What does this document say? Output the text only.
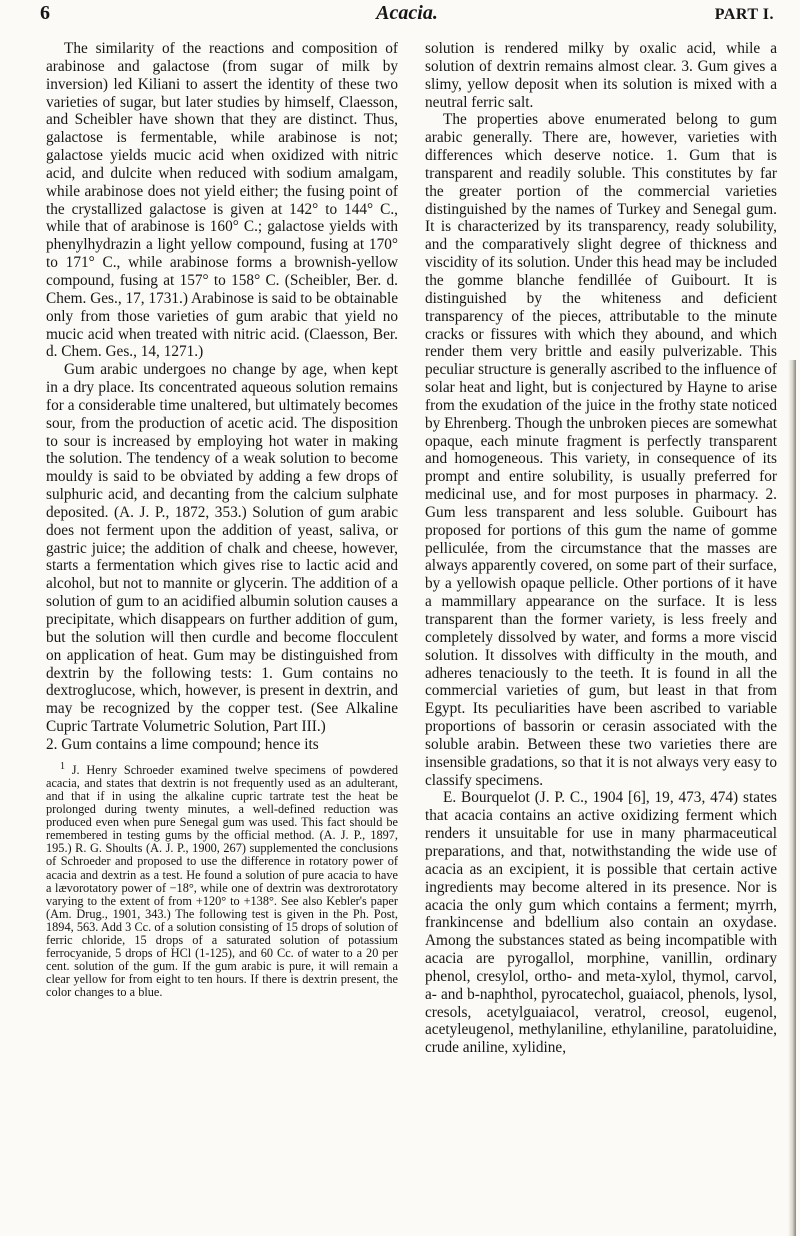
6	Acacia.	PART I.

The similarity of the reactions and composition of arabinose and galactose (from sugar of milk by inversion) led Kiliani to assert the identity of these two varieties of sugar, but later studies by himself, Claesson, and Scheibler have shown that they are distinct. Thus, galactose is fermentable, while arabinose is not; galactose yields mucic acid when oxidized with nitric acid, and dulcite when reduced with sodium amalgam, while arabinose does not yield either; the fusing point of the crystallized galactose is given at 142° to 144° C., while that of arabinose is 160° C.; galactose yields with phenylhydrazin a light yellow compound, fusing at 170° to 171° C., while arabinose forms a brownish-yellow compound, fusing at 157° to 158° C. (Scheibler, Ber. d. Chem. Ges., 17, 1731.) Arabinose is said to be obtainable only from those varieties of gum arabic that yield no mucic acid when treated with nitric acid. (Claesson, Ber. d. Chem. Ges., 14, 1271.)

Gum arabic undergoes no change by age, when kept in a dry place. Its concentrated aqueous solution remains for a considerable time unaltered, but ultimately becomes sour, from the production of acetic acid. The disposition to sour is increased by employing hot water in making the solution. The tendency of a weak solution to become mouldy is said to be obviated by adding a few drops of sulphuric acid, and decanting from the calcium sulphate deposited. (A. J. P., 1872, 353.) Solution of gum arabic does not ferment upon the addition of yeast, saliva, or gastric juice; the addition of chalk and cheese, however, starts a fermentation which gives rise to lactic acid and alcohol, but not to mannite or glycerin. The addition of a solution of gum to an acidified albumin solution causes a precipitate, which disappears on further addition of gum, but the solution will then curdle and become flocculent on application of heat. Gum may be distinguished from dextrin by the following tests: 1. Gum contains no dextroglucose, which, however, is present in dextrin, and may be recognized by the copper test. (See Alkaline Cupric Tartrate Volumetric Solution, Part III.)

2. Gum contains a lime compound; hence its

$^1$ J. Henry Schroeder examined twelve specimens of powdered acacia, and states that dextrin is not frequently used as an adulterant, and that if in using the alkaline cupric tartrate test the heat be prolonged during twenty minutes, a well-defined reduction was produced even when pure Senegal gum was used. This fact should be remembered in testing gums by the official method. (A. J. P., 1897, 195.) R. G. Shoults (A. J. P., 1900, 267) supplemented the conclusions of Schroeder and proposed to use the difference in rotatory power of acacia and dextrin as a test. He found a solution of pure acacia to have a lævorotatory power of −18°, while one of dextrin was dextrorotatory varying to the extent of from +120° to +138°. See also Kebler's paper (Am. Drug., 1901, 343.) The following test is given in the Ph. Post, 1894, 563. Add 3 Cc. of a solution consisting of 15 drops of solution of ferric chloride, 15 drops of a saturated solution of potassium ferrocyanide, 5 drops of HCl (1-125), and 60 Cc. of water to a 20 per cent. solution of the gum. If the gum arabic is pure, it will remain a clear yellow for from eight to ten hours. If there is dextrin present, the color changes to a blue.

solution is rendered milky by oxalic acid, while a solution of dextrin remains almost clear. 3. Gum gives a slimy, yellow deposit when its solution is mixed with a neutral ferric salt.

The properties above enumerated belong to gum arabic generally. There are, however, varieties with differences which deserve notice. 1. Gum that is transparent and readily soluble. This constitutes by far the greater portion of the commercial varieties distinguished by the names of Turkey and Senegal gum. It is characterized by its transparency, ready solubility, and the comparatively slight degree of thickness and viscidity of its solution. Under this head may be included the gomme blanche fendillée of Guibourt. It is distinguished by the whiteness and deficient transparency of the pieces, attributable to the minute cracks or fissures with which they abound, and which render them very brittle and easily pulverizable. This peculiar structure is generally ascribed to the influence of solar heat and light, but is conjectured by Hayne to arise from the exudation of the juice in the frothy state noticed by Ehrenberg. Though the unbroken pieces are somewhat opaque, each minute fragment is perfectly transparent and homogeneous. This variety, in consequence of its prompt and entire solubility, is usually preferred for medicinal use, and for most purposes in pharmacy. 2. Gum less transparent and less soluble. Guibourt has proposed for portions of this gum the name of gomme pelliculée, from the circumstance that the masses are always apparently covered, on some part of their surface, by a yellowish opaque pellicle. Other portions of it have a mammillary appearance on the surface. It is less transparent than the former variety, is less freely and completely dissolved by water, and forms a more viscid solution. It dissolves with difficulty in the mouth, and adheres tenaciously to the teeth. It is found in all the commercial varieties of gum, but least in that from Egypt. Its peculiarities have been ascribed to variable proportions of bassorin or cerasin associated with the soluble arabin. Between these two varieties there are insensible gradations, so that it is not always very easy to classify specimens.

E. Bourquelot (J. P. C., 1904 [6], 19, 473, 474) states that acacia contains an active oxidizing ferment which renders it unsuitable for use in many pharmaceutical preparations, and that, notwithstanding the wide use of acacia as an excipient, it is possible that certain active ingredients may become altered in its presence. Nor is acacia the only gum which contains a ferment; myrrh, frankincense and bdellium also contain an oxydase. Among the substances stated as being incompatible with acacia are pyrogallol, morphine, vanillin, ordinary phenol, cresylol, ortho- and meta-xylol, thymol, carvol, a- and b-naphthol, pyrocatechol, guaiacol, phenols, lysol, cresols, acetylguaiacol, veratrol, creosol, eugenol, acetyleugenol, methylaniline, ethylaniline, paratoluidine, crude aniline, xylidine,
